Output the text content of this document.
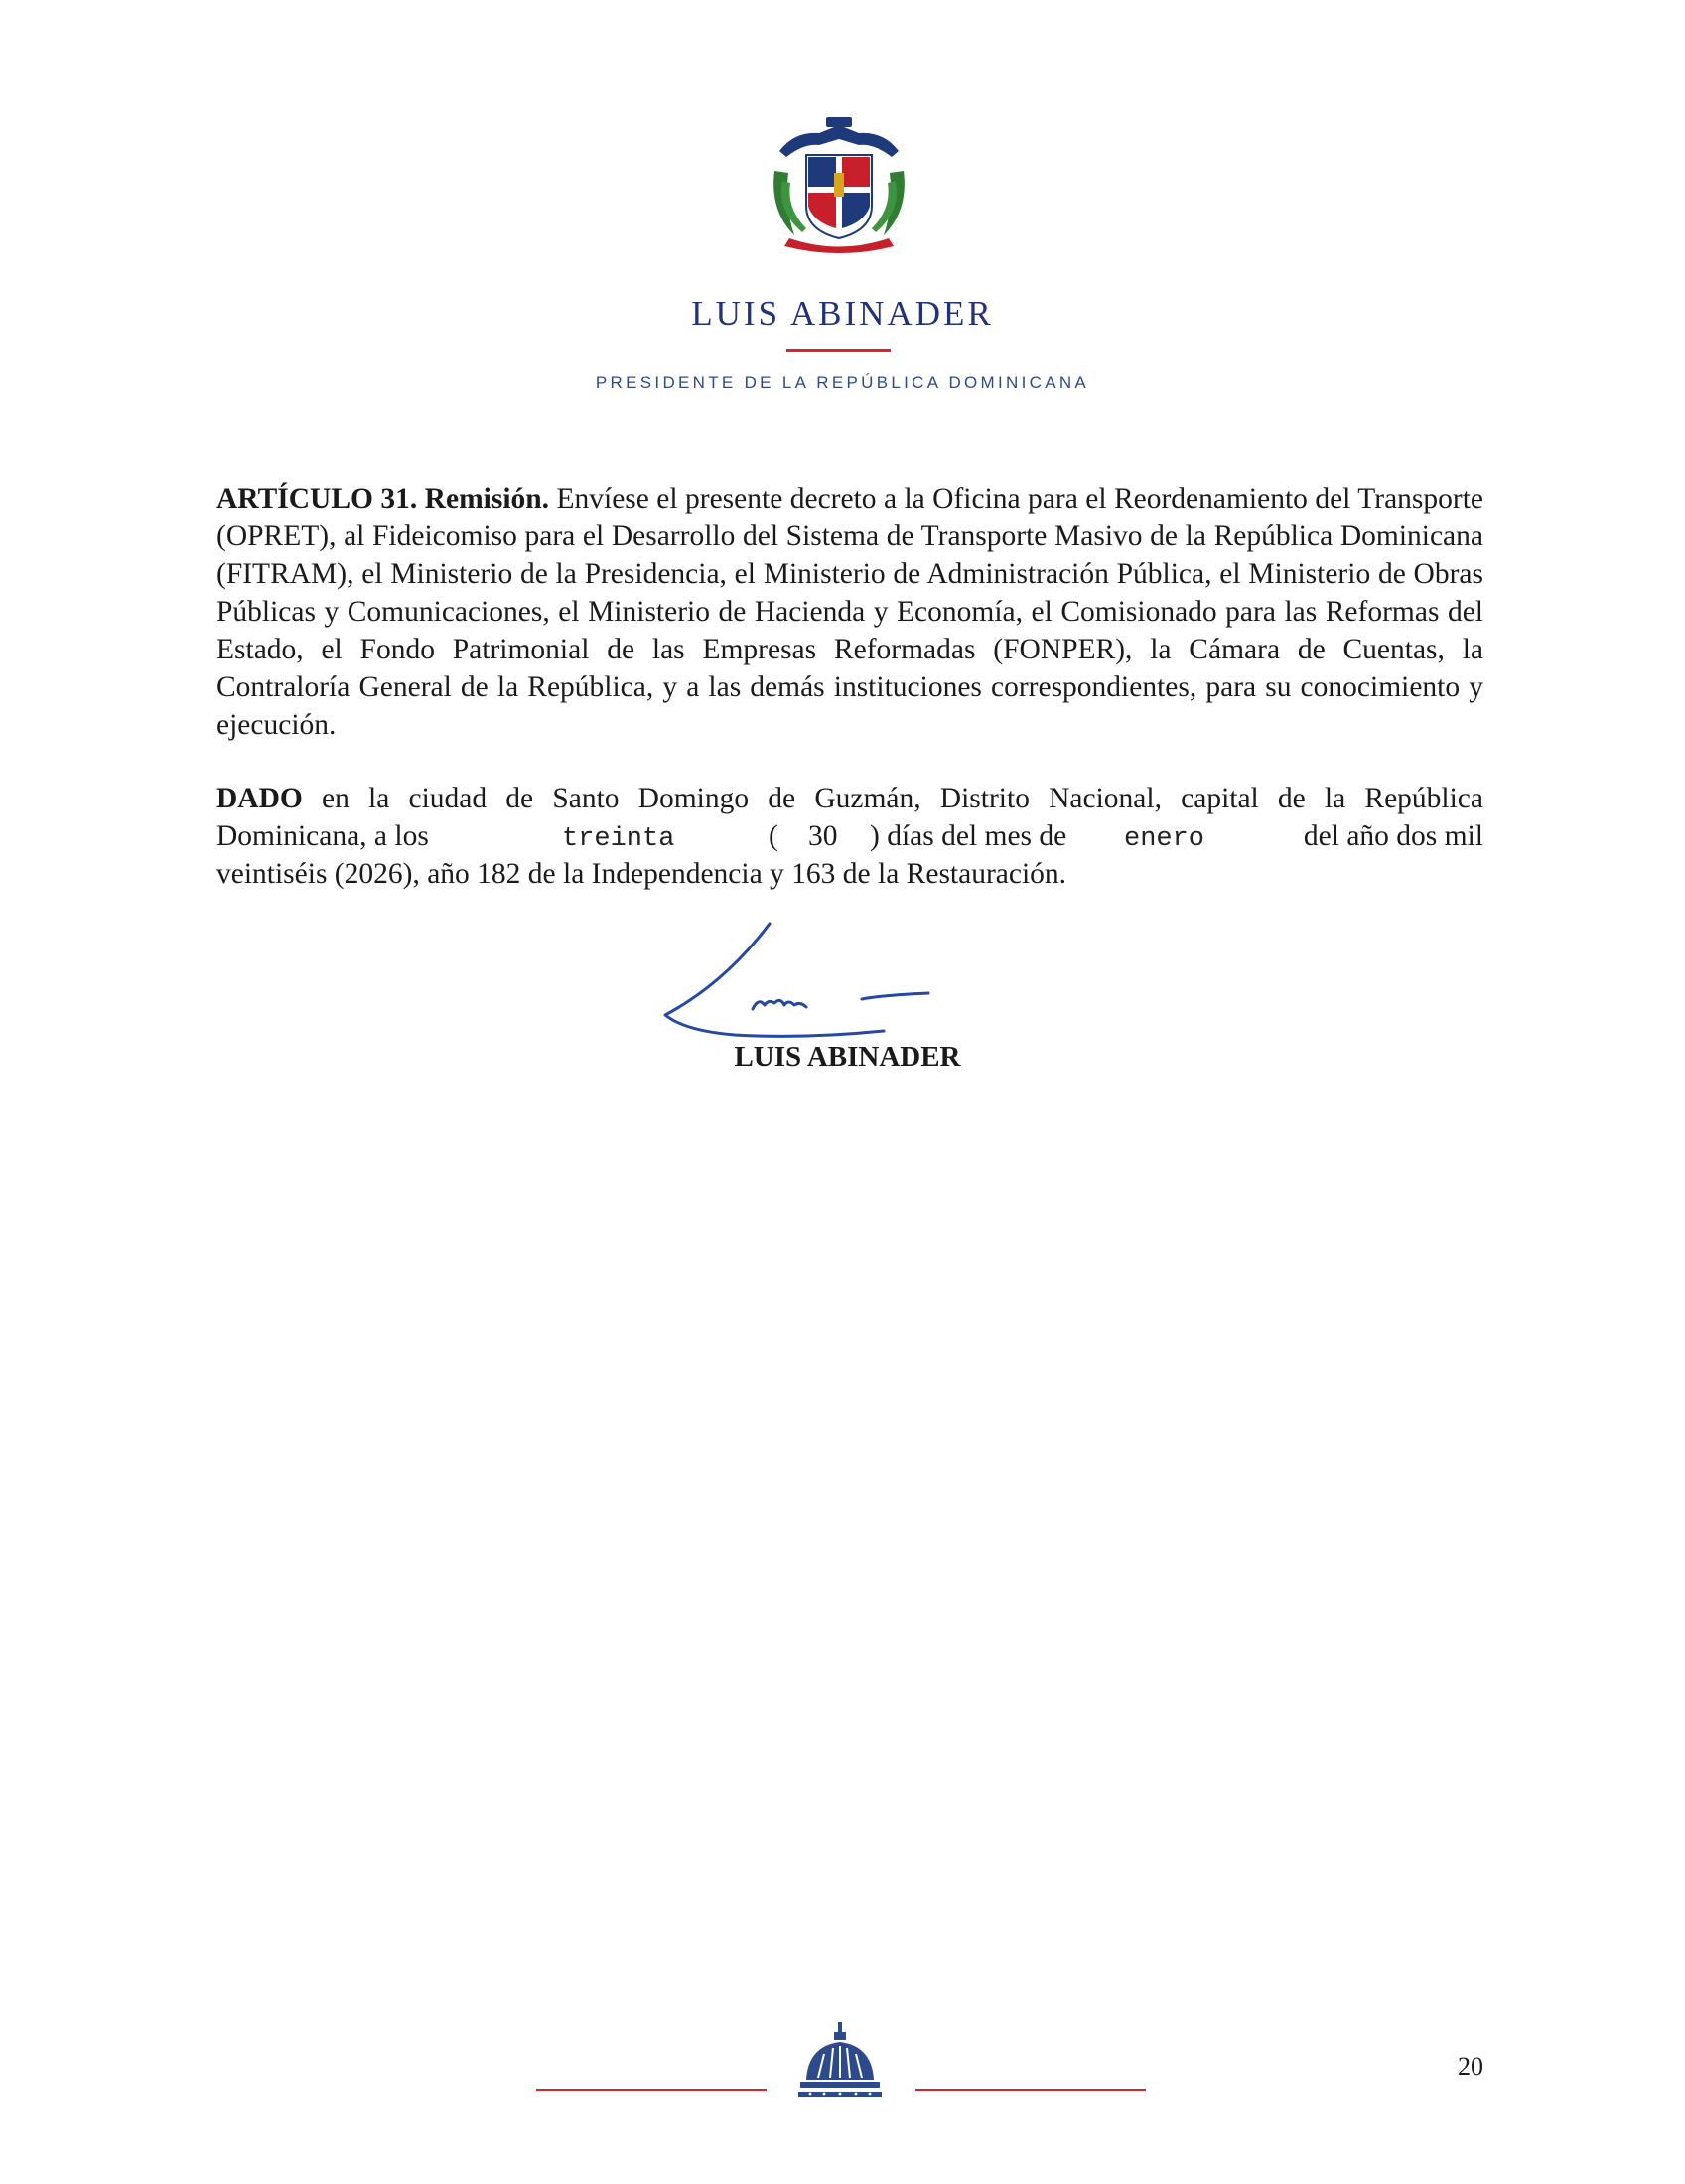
LUIS ABINADER
PRESIDENTE DE LA REPÚBLICA DOMINICANA
ARTÍCULO 31. Remisión. Envíese el presente decreto a la Oficina para el Reordenamiento del Transporte (OPRET), al Fideicomiso para el Desarrollo del Sistema de Transporte Masivo de la República Dominicana (FITRAM), el Ministerio de la Presidencia, el Ministerio de Administración Pública, el Ministerio de Obras Públicas y Comunicaciones, el Ministerio de Hacienda y Economía, el Comisionado para las Reformas del Estado, el Fondo Patrimonial de las Empresas Reformadas (FONPER), la Cámara de Cuentas, la Contraloría General de la República, y a las demás instituciones correspondientes, para su conocimiento y ejecución.
DADO en la ciudad de Santo Domingo de Guzmán, Distrito Nacional, capital de la República
Dominicana, a los	treinta	( 30 ) días del mes de enero	del año dos mil
veintiséis (2026), año 182 de la Independencia y 163 de la Restauración.
LUIS ABINADER
20
